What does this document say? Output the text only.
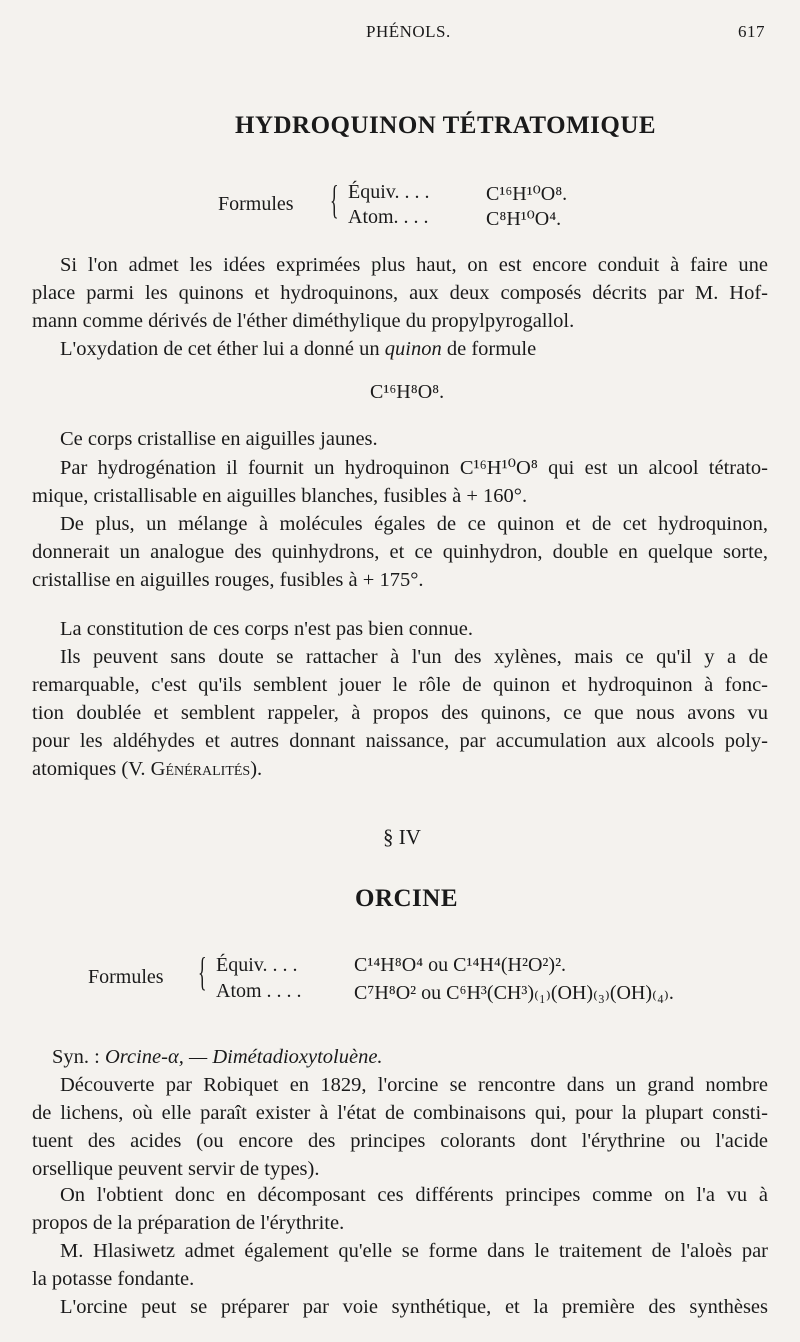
PHÉNOLS.	617
HYDROQUINON TÉTRATOMIQUE
Formules { Équiv. . . .	C¹⁶H¹⁰O⁸.
Atom. . . .	C⁸H¹⁰O⁴.
Si l'on admet les idées exprimées plus haut, on est encore conduit à faire une
place parmi les quinons et hydroquinons, aux deux composés décrits par M. Hof-
mann comme dérivés de l'éther diméthylique du propylpyrogallol.
L'oxydation de cet éther lui a donné un quinon de formule
C¹⁶H⁸O⁸.
Ce corps cristallise en aiguilles jaunes.
Par hydrogénation il fournit un hydroquinon C¹⁶H¹⁰O⁸ qui est un alcool tétrato-
mique, cristallisable en aiguilles blanches, fusibles à + 160°.
De plus, un mélange à molécules égales de ce quinon et de cet hydroquinon,
donnerait un analogue des quinhydrons, et ce quinhydron, double en quelque sorte,
cristallise en aiguilles rouges, fusibles à + 175°.
La constitution de ces corps n'est pas bien connue.
Ils peuvent sans doute se rattacher à l'un des xylènes, mais ce qu'il y a de
remarquable, c'est qu'ils semblent jouer le rôle de quinon et hydroquinon à fonc-
tion doublée et semblent rappeler, à propos des quinons, ce que nous avons vu
pour les aldéhydes et autres donnant naissance, par accumulation aux alcools poly-
atomiques (V. Généralités).
§ IV
ORCINE
Formules { Équiv. . . .	C¹⁴H⁸O⁴ ou C¹⁴H⁴(H²O²)².
Atom . . . .	C⁷H⁸O² ou C⁶H³(CH³)₍₁₎(OH)₍₃₎(OH)₍₄₎.
Syn. : Orcine-α, — Dimétadioxytoluène.
Découverte par Robiquet en 1829, l'orcine se rencontre dans un grand nombre
de lichens, où elle paraît exister à l'état de combinaisons qui, pour la plupart consti-
tuent des acides (ou encore des principes colorants dont l'érythrine ou l'acide
orsellique peuvent servir de types).
On l'obtient donc en décomposant ces différents principes comme on l'a vu à
propos de la préparation de l'érythrite.
M. Hlasiwetz admet également qu'elle se forme dans le traitement de l'aloès par
la potasse fondante.
L'orcine peut se préparer par voie synthétique, et la première des synthèses
